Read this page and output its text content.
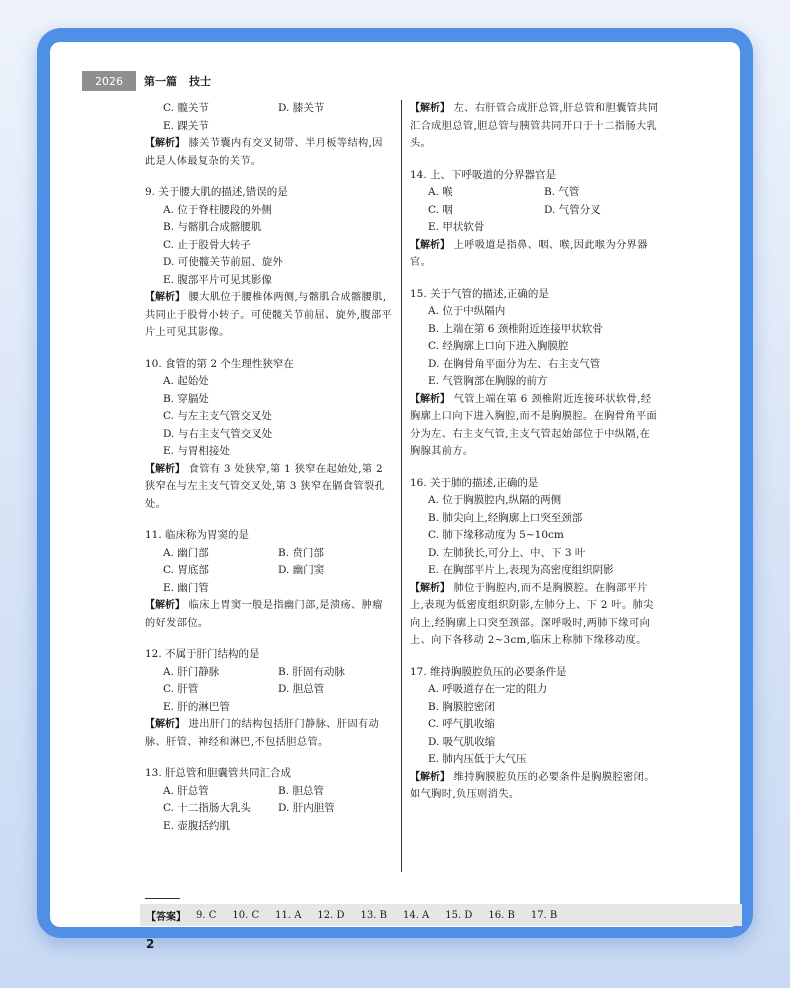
2026	第一篇 技士
C. 髋关节	D. 膝关节
E. 踝关节
【解析】 膝关节囊内有交叉韧带、半月板等结构,因此是人体最复杂的关节。
9. 关于腰大肌的描述,错误的是
A. 位于脊柱腰段的外侧
B. 与髂肌合成髂腰肌
C. 止于股骨大转子
D. 可使髋关节前屈、旋外
E. 腹部平片可见其影像
【解析】 腰大肌位于腰椎体两侧,与髂肌合成髂腰肌,共同止于股骨小转子。可使髋关节前屈、旋外,腹部平片上可见其影像。
10. 食管的第 2 个生理性狭窄在
A. 起始处
B. 穿膈处
C. 与左主支气管交叉处
D. 与右主支气管交叉处
E. 与胃相接处
【解析】 食管有 3 处狭窄,第 1 狭窄在起始处,第 2 狭窄在与左主支气管交叉处,第 3 狭窄在膈食管裂孔处。
11. 临床称为胃窦的是
A. 幽门部	B. 贲门部
C. 胃底部	D. 幽门窦
E. 幽门管
【解析】 临床上胃窦一般是指幽门部,是溃疡、肿瘤的好发部位。
12. 不属于肝门结构的是
A. 肝门静脉	B. 肝固有动脉
C. 肝管	D. 胆总管
E. 肝的淋巴管
【解析】 进出肝门的结构包括肝门静脉、肝固有动脉、肝管、神经和淋巴,不包括胆总管。
13. 肝总管和胆囊管共同汇合成
A. 肝总管	B. 胆总管
C. 十二指肠大乳头	D. 肝内胆管
E. 壶腹括约肌
【解析】 左、右肝管合成肝总管,肝总管和胆囊管共同汇合成胆总管,胆总管与胰管共同开口于十二指肠大乳头。
14. 上、下呼吸道的分界器官是
A. 喉	B. 气管
C. 咽	D. 气管分叉
E. 甲状软骨
【解析】 上呼吸道是指鼻、咽、喉,因此喉为分界器官。
15. 关于气管的描述,正确的是
A. 位于中纵隔内
B. 上端在第 6 颈椎附近连接甲状软骨
C. 经胸廓上口向下进入胸膜腔
D. 在胸骨角平面分为左、右主支气管
E. 气管胸部在胸腺的前方
【解析】 气管上端在第 6 颈椎附近连接环状软骨,经胸廓上口向下进入胸腔,而不是胸膜腔。在胸骨角平面分为左、右主支气管,主支气管起始部位于中纵隔,在胸腺其前方。
16. 关于肺的描述,正确的是
A. 位于胸膜腔内,纵隔的两侧
B. 肺尖向上,经胸廓上口突至颈部
C. 肺下缘移动度为 5~10cm
D. 左肺狭长,可分上、中、下 3 叶
E. 在胸部平片上,表现为高密度组织阴影
【解析】 肺位于胸腔内,而不是胸膜腔。在胸部平片上,表现为低密度组织阴影,左肺分上、下 2 叶。肺尖向上,经胸廓上口突至颈部。深呼吸时,两肺下缘可向上、向下各移动 2~3cm,临床上称肺下缘移动度。
17. 维持胸膜腔负压的必要条件是
A. 呼吸道存在一定的阻力
B. 胸膜腔密闭
C. 呼气肌收缩
D. 吸气肌收缩
E. 肺内压低于大气压
【解析】 维持胸膜腔负压的必要条件是胸膜腔密闭。如气胸时,负压则消失。
【答案】 9. C 10. C 11. A 12. D 13. B 14. A 15. D 16. B 17. B
2
